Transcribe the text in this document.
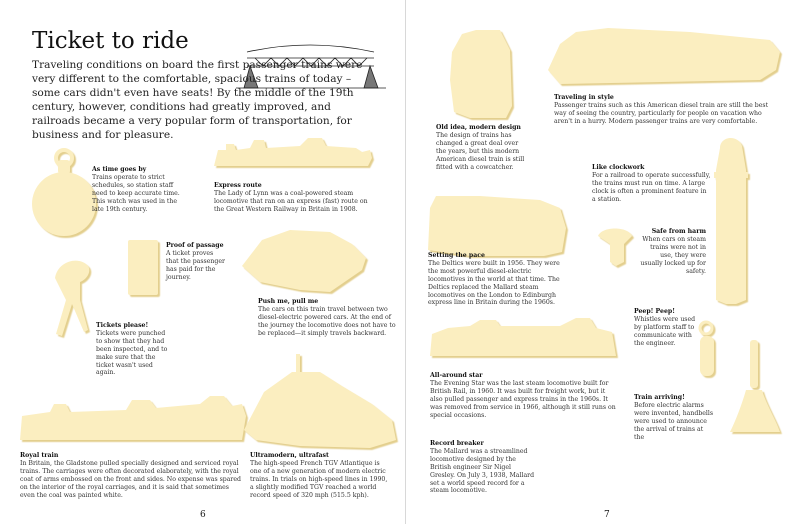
Ticket to ride
Traveling conditions on board the first passenger trains were very different to the comfortable, spacious trains of today – some cars didn't even have seats! By the middle of the 19th century, however, conditions had greatly improved, and railroads became a very popular form of transportation, for business and for pleasure.
As time goes by
Trains operate to strict schedules, so station staff need to keep accurate time. This watch was used in the late 19th century.
Express route
The Lady of Lynn was a coal-powered steam locomotive that ran on an express (fast) route on the Great Western Railway in Britain in 1908.
Proof of passage
A ticket proves that the passenger has paid for the journey.
Push me, pull me
The cars on this train travel between two diesel-electric powered cars. At the end of the journey the locomotive does not have to be replaced—it simply travels backward.
Tickets please!
Tickets were punched to show that they had been inspected, and to make sure that the ticket wasn't used again.
Royal train
In Britain, the Gladstone pulled specially designed and serviced royal trains. The carriages were often decorated elaborately, with the royal coat of arms embossed on the front and sides. No expense was spared on the interior of the royal carriages, and it is said that sometimes even the coal was painted white.
Ultramodern, ultrafast
The high-speed French TGV Atlantique is one of a new generation of modern electric trains. In trials on high-speed lines in 1990, a slightly modified TGV reached a world record speed of 320 mph (515.5 kph).
Old idea, modern design
The design of trains has changed a great deal over the years, but this modern American diesel train is still fitted with a cowcatcher.
Traveling in style
Passenger trains such as this American diesel train are still the best way of seeing the country, particularly for people on vacation who aren't in a hurry. Modern passenger trains are very comfortable.
Like clockwork
For a railroad to operate successfully, the trains must run on time. A large clock is often a prominent feature in a station.
Setting the pace
The Deltics were built in 1956. They were the most powerful diesel-electric locomotives in the world at that time. The Deltics replaced the Mallard steam locomotives on the London to Edinburgh express line in Britain during the 1960s.
Safe from harm
When cars on steam trains were not in use, they were usually locked up for safety.
Peep! Peep!
Whistles were used by platform staff to communicate with the engineer.
All-around star
The Evening Star was the last steam locomotive built for British Rail, in 1960. It was built for freight work, but it also pulled passenger and express trains in the 1960s. It was removed from service in 1966, although it still runs on special occasions.
Train arriving!
Before electric alarms were invented, handbells were used to announce the arrival of trains at the
Record breaker
The Mallard was a streamlined locomotive designed by the British engineer Sir Nigel Gresley. On July 3, 1938, Mallard set a world speed record for a steam locomotive.
6	7
